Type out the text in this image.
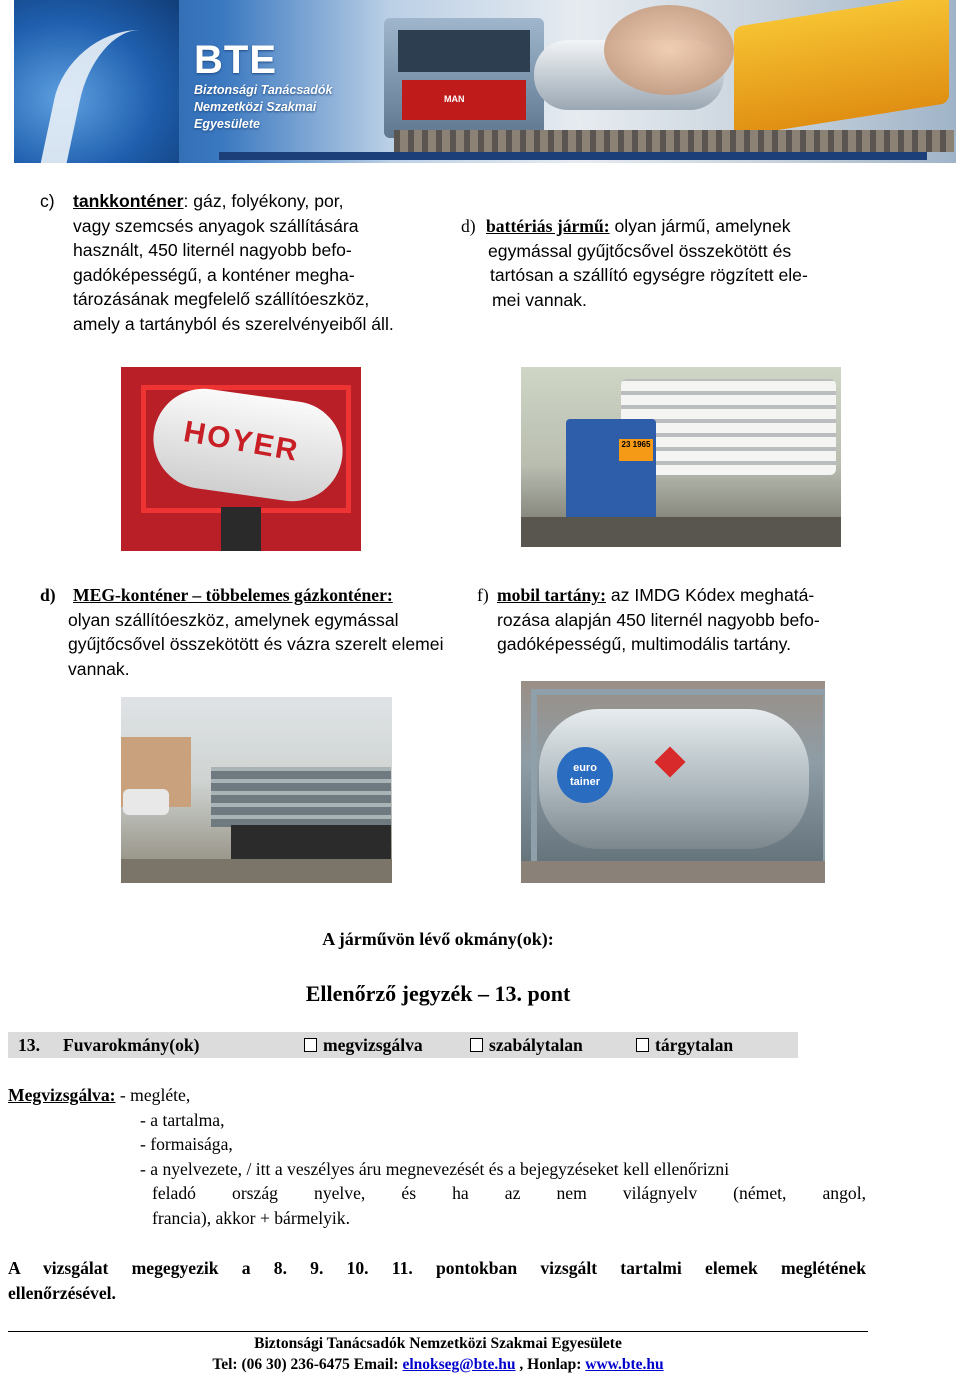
BTE
Biztonsági Tanácsadók
Nemzetközi Szakmai
Egyesülete
MAN
c) tankkonténer: gáz, folyékony, por,
vagy szemcsés anyagok szállítására
használt, 450 liternél nagyobb befo-
gadóképességű, a konténer megha-
tározásának megfelelő szállítóeszköz,
amely a tartányból és szerelvényeiből áll.
d) battériás jármű: olyan jármű, amelynek
egymással gyűjtőcsővel összekötött és
tartósan a szállító egységre rögzített ele-
mei vannak.
HOYER	23 1965
d) MEG-konténer – többelemes gázkonténer:
olyan szállítóeszköz, amelynek egymással
gyűjtőcsővel összekötött és vázra szerelt elemei
vannak.
f) mobil tartány: az IMDG Kódex meghatá-
rozása alapján 450 liternél nagyobb befo-
gadóképességű, multimodális tartány.
euro
tainer
A járművön lévő okmány(ok):
Ellenőrző jegyzék – 13. pont
13. Fuvarokmány(ok)	megvizsgálva	szabálytalan	tárgytalan
Megvizsgálva: - megléte,
- a tartalma,
- formaisága,
- a nyelvezete, / itt a veszélyes áru megnevezését és a bejegyzéseket kell ellenőrizni
feladó ország nyelve, és ha az nem világnyelv (német, angol,
francia), akkor + bármelyik.
A vizsgálat megegyezik a 8. 9. 10. 11. pontokban vizsgált tartalmi elemek meglétének
ellenőrzésével.
Biztonsági Tanácsadók Nemzetközi Szakmai Egyesülete
Tel: (06 30) 236-6475 Email: elnokseg@bte.hu , Honlap: www.bte.hu
